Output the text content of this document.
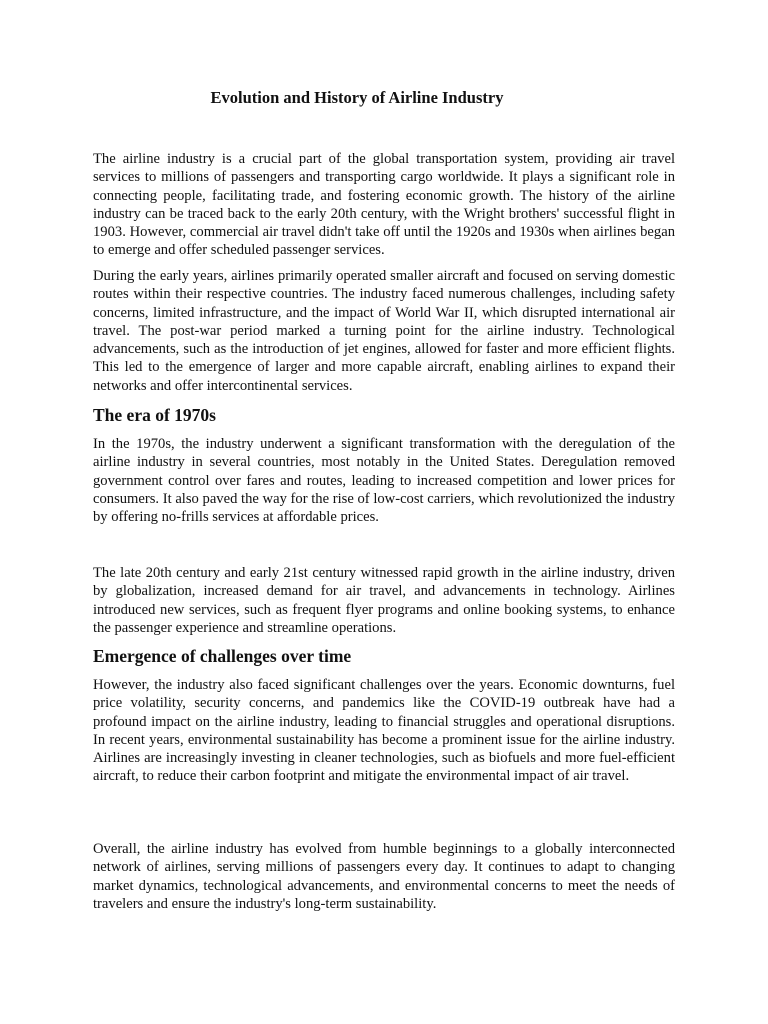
Evolution and History of Airline Industry

The airline industry is a crucial part of the global transportation system, providing air travel services to millions of passengers and transporting cargo worldwide. It plays a significant role in connecting people, facilitating trade, and fostering economic growth. The history of the airline industry can be traced back to the early 20th century, with the Wright brothers' successful flight in 1903. However, commercial air travel didn't take off until the 1920s and 1930s when airlines began to emerge and offer scheduled passenger services.

During the early years, airlines primarily operated smaller aircraft and focused on serving domestic routes within their respective countries. The industry faced numerous challenges, including safety concerns, limited infrastructure, and the impact of World War II, which disrupted international air travel. The post-war period marked a turning point for the airline industry. Technological advancements, such as the introduction of jet engines, allowed for faster and more efficient flights. This led to the emergence of larger and more capable aircraft, enabling airlines to expand their networks and offer intercontinental services.

The era of 1970s

In the 1970s, the industry underwent a significant transformation with the deregulation of the airline industry in several countries, most notably in the United States. Deregulation removed government control over fares and routes, leading to increased competition and lower prices for consumers. It also paved the way for the rise of low-cost carriers, which revolutionized the industry by offering no-frills services at affordable prices.

The late 20th century and early 21st century witnessed rapid growth in the airline industry, driven by globalization, increased demand for air travel, and advancements in technology. Airlines introduced new services, such as frequent flyer programs and online booking systems, to enhance the passenger experience and streamline operations.

Emergence of challenges over time

However, the industry also faced significant challenges over the years. Economic downturns, fuel price volatility, security concerns, and pandemics like the COVID-19 outbreak have had a profound impact on the airline industry, leading to financial struggles and operational disruptions. In recent years, environmental sustainability has become a prominent issue for the airline industry. Airlines are increasingly investing in cleaner technologies, such as biofuels and more fuel-efficient aircraft, to reduce their carbon footprint and mitigate the environmental impact of air travel.

Overall, the airline industry has evolved from humble beginnings to a globally interconnected network of airlines, serving millions of passengers every day. It continues to adapt to changing market dynamics, technological advancements, and environmental concerns to meet the needs of travelers and ensure the industry's long-term sustainability.
